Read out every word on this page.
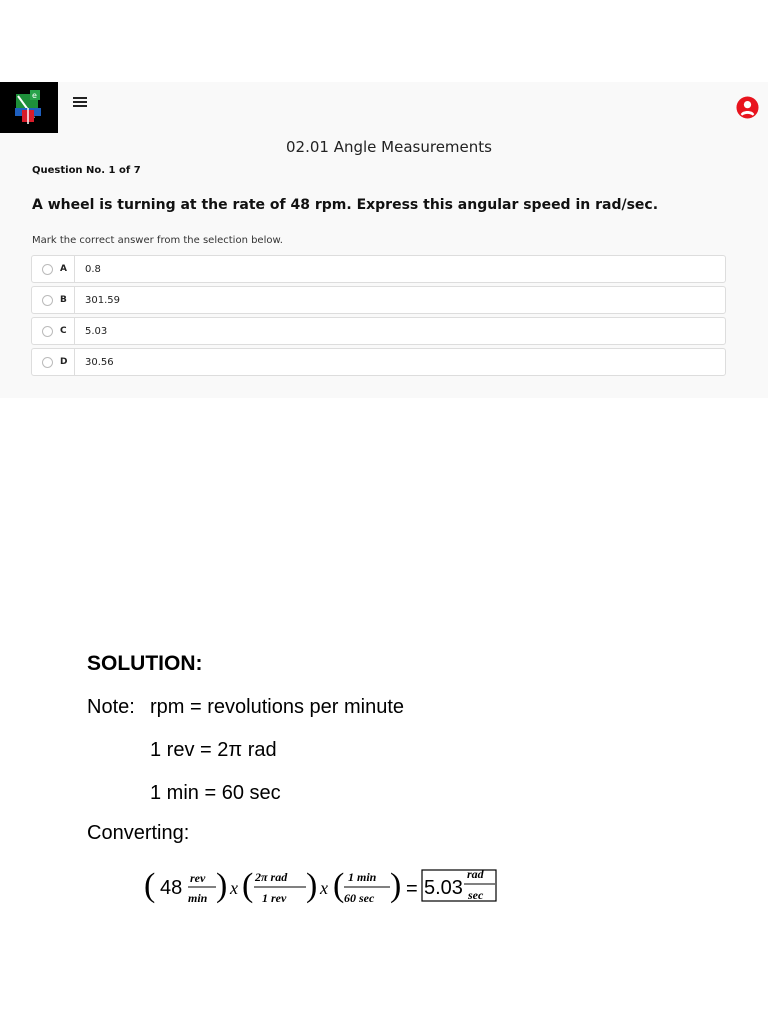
e
02.01 Angle Measurements
Question No. 1 of 7
A wheel is turning at the rate of 48 rpm. Express this angular speed in rad/sec.
Mark the correct answer from the selection below.
A 0.8
B 301.59
C 5.03
D 30.56
SOLUTION:
Note: rpm = revolutions per minute
1 rev = 2π rad
1 min = 60 sec
Converting:
( 48 rev
min ) x ( 2π rad
1 rev ) x ( 1 min
60 sec ) = 5.03
rad
sec
